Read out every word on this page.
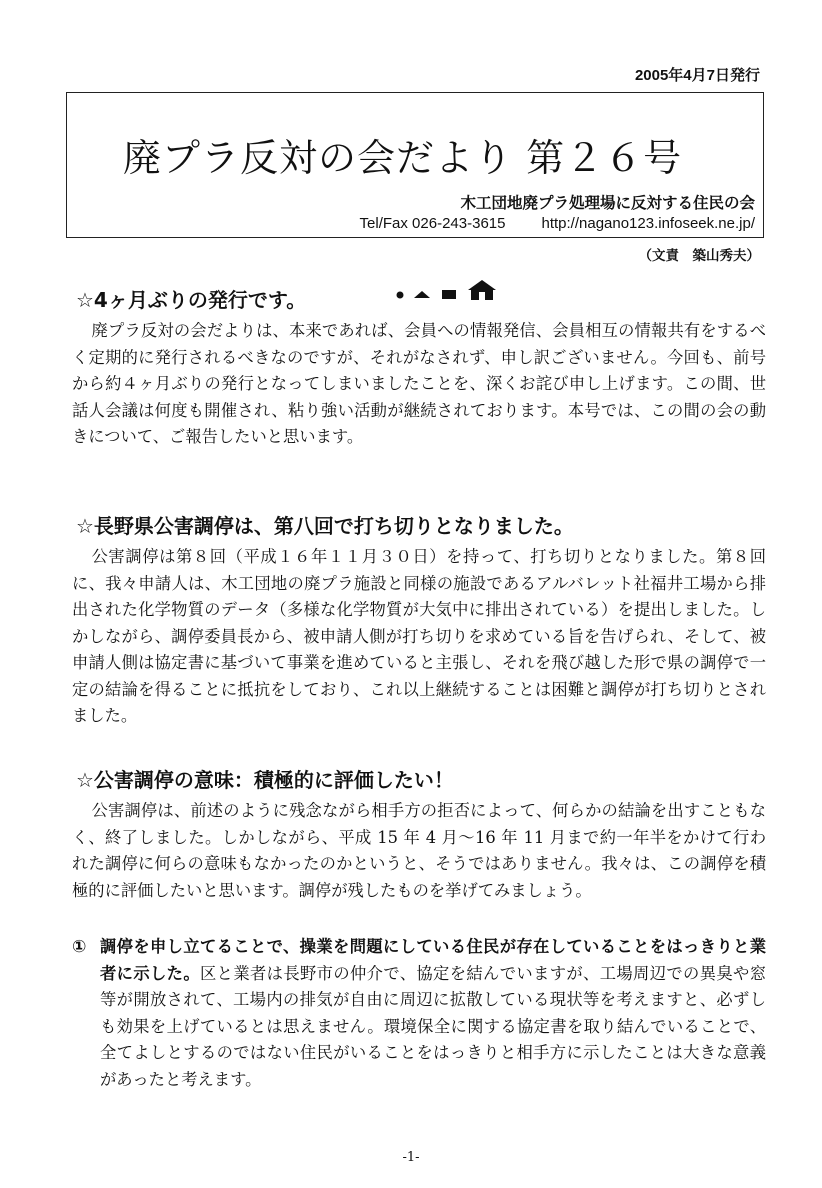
2005年4月7日発行
廃プラ反対の会だより 第２６号
木工団地廃プラ処理場に反対する住民の会
Tel/Fax 026-243-3615 http://nagano123.infoseek.ne.jp/
（文責　築山秀夫）
☆4ヶ月ぶりの発行です。
廃プラ反対の会だよりは、本来であれば、会員への情報発信、会員相互の情報共有をするべく定期的に発行されるべきなのですが、それがなされず、申し訳ございません。今回も、前号から約４ヶ月ぶりの発行となってしまいましたことを、深くお詫び申し上げます。この間、世話人会議は何度も開催され、粘り強い活動が継続されております。本号では、この間の会の動きについて、ご報告したいと思います。
☆長野県公害調停は、第八回で打ち切りとなりました。
公害調停は第８回（平成１６年１１月３０日）を持って、打ち切りとなりました。第８回に、我々申請人は、木工団地の廃プラ施設と同様の施設であるアルバレット社福井工場から排出された化学物質のデータ（多様な化学物質が大気中に排出されている）を提出しました。しかしながら、調停委員長から、被申請人側が打ち切りを求めている旨を告げられ、そして、被申請人側は協定書に基づいて事業を進めていると主張し、それを飛び越した形で県の調停で一定の結論を得ることに抵抗をしており、これ以上継続することは困難と調停が打ち切りとされました。
☆公害調停の意味：積極的に評価したい！
公害調停は、前述のように残念ながら相手方の拒否によって、何らかの結論を出すこともなく、終了しました。しかしながら、平成 15 年 4 月～16 年 11 月まで約一年半をかけて行われた調停に何らの意味もなかったのかというと、そうではありません。我々は、この調停を積極的に評価したいと思います。調停が残したものを挙げてみましょう。
① 調停を申し立てることで、操業を問題にしている住民が存在していることをはっきりと業者に示した。区と業者は長野市の仲介で、協定を結んでいますが、工場周辺での異臭や窓等が開放されて、工場内の排気が自由に周辺に拡散している現状等を考えますと、必ずしも効果を上げているとは思えません。環境保全に関する協定書を取り結んでいることで、全てよしとするのではない住民がいることをはっきりと相手方に示したことは大きな意義があったと考えます。
-1-
